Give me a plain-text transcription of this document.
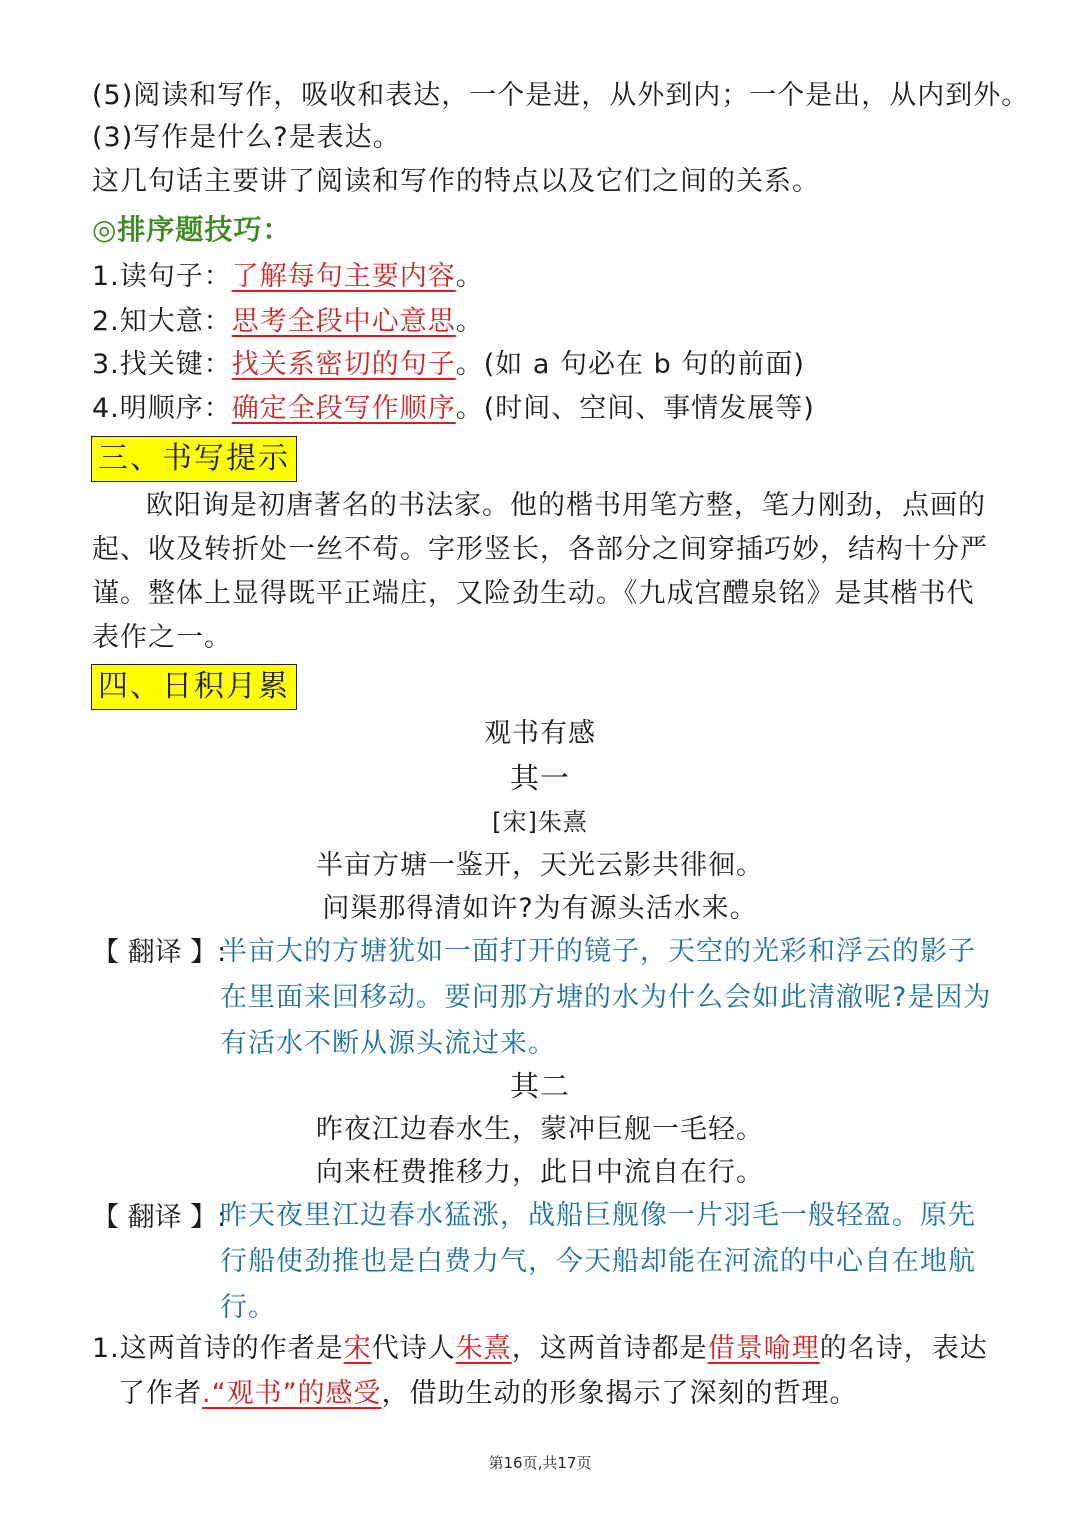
(5)阅读和写作，吸收和表达，一个是进，从外到内；一个是出，从内到外。
(3)写作是什么?是表达。
这几句话主要讲了阅读和写作的特点以及它们之间的关系。
◎排序题技巧：
1.读句子：了解每句主要内容。
2.知大意：思考全段中心意思。
3.找关键：找关系密切的句子。(如 a 句必在 b 句的前面)
4.明顺序：确定全段写作顺序。(时间、空间、事情发展等)
三、书写提示
欧阳询是初唐著名的书法家。他的楷书用笔方整，笔力刚劲，点画的起、收及转折处一丝不苟。字形竖长，各部分之间穿插巧妙，结构十分严谨。整体上显得既平正端庄，又险劲生动。《九成宫醴泉铭》是其楷书代表作之一。
四、日积月累
观书有感
其一
[宋]朱熹
半亩方塘一鉴开，天光云影共徘徊。
问渠那得清如许?为有源头活水来。
【 翻译 】:
半亩大的方塘犹如一面打开的镜子，天空的光彩和浮云的影子在里面来回移动。要问那方塘的水为什么会如此清澈呢?是因为有活水不断从源头流过来。
其二
昨夜江边春水生，蒙冲巨舰一毛轻。
向来枉费推移力，此日中流自在行。
【 翻译 】:
昨天夜里江边春水猛涨，战船巨舰像一片羽毛一般轻盈。原先行船使劲推也是白费力气，今天船却能在河流的中心自在地航行。
1.这两首诗的作者是宋代诗人朱熹，这两首诗都是借景喻理的名诗，表达
了作者.“观书”的感受，借助生动的形象揭示了深刻的哲理。
第16页,共17页
